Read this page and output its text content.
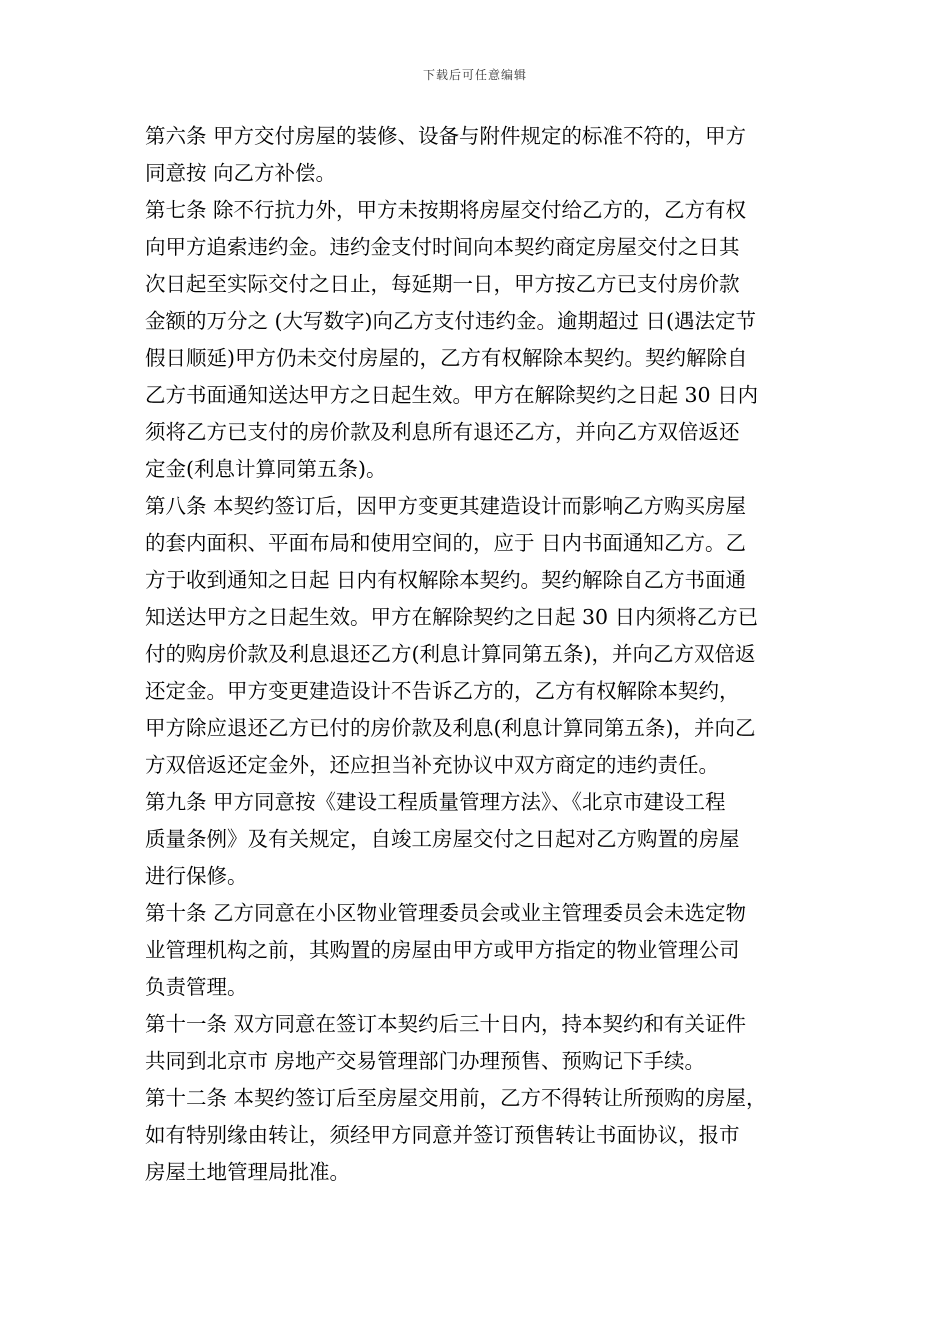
下载后可任意编辑
第六条 甲方交付房屋的装修、设备与附件规定的标准不符的，甲方
同意按 向乙方补偿。
第七条 除不行抗力外，甲方未按期将房屋交付给乙方的，乙方有权
向甲方追索违约金。违约金支付时间向本契约商定房屋交付之日其
次日起至实际交付之日止，每延期一日，甲方按乙方已支付房价款
金额的万分之 (大写数字)向乙方支付违约金。逾期超过 日(遇法定节
假日顺延)甲方仍未交付房屋的，乙方有权解除本契约。契约解除自
乙方书面通知送达甲方之日起生效。甲方在解除契约之日起 30 日内
须将乙方已支付的房价款及利息所有退还乙方，并向乙方双倍返还
定金(利息计算同第五条)。
第八条 本契约签订后，因甲方变更其建造设计而影响乙方购买房屋
的套内面积、平面布局和使用空间的，应于 日内书面通知乙方。乙
方于收到通知之日起 日内有权解除本契约。契约解除自乙方书面通
知送达甲方之日起生效。甲方在解除契约之日起 30 日内须将乙方已
付的购房价款及利息退还乙方(利息计算同第五条)，并向乙方双倍返
还定金。甲方变更建造设计不告诉乙方的，乙方有权解除本契约，
甲方除应退还乙方已付的房价款及利息(利息计算同第五条)，并向乙
方双倍返还定金外，还应担当补充协议中双方商定的违约责任。
第九条 甲方同意按《建设工程质量管理方法》、《北京市建设工程
质量条例》及有关规定，自竣工房屋交付之日起对乙方购置的房屋
进行保修。
第十条 乙方同意在小区物业管理委员会或业主管理委员会未选定物
业管理机构之前，其购置的房屋由甲方或甲方指定的物业管理公司
负责管理。
第十一条 双方同意在签订本契约后三十日内，持本契约和有关证件
共同到北京市 房地产交易管理部门办理预售、预购记下手续。
第十二条 本契约签订后至房屋交用前，乙方不得转让所预购的房屋，
如有特别缘由转让，须经甲方同意并签订预售转让书面协议，报市
房屋土地管理局批准。
